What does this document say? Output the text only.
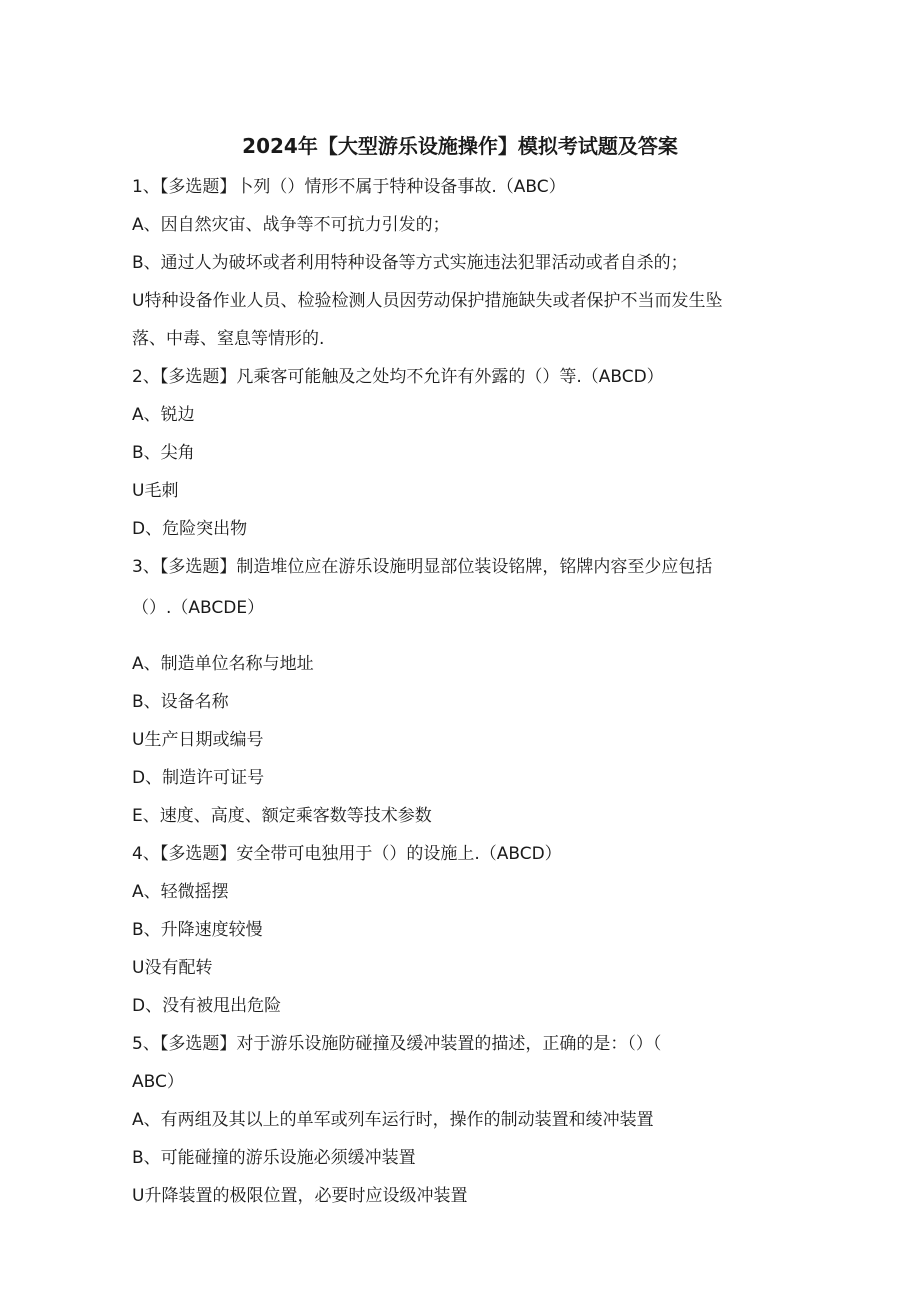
2024年【大型游乐设施操作】模拟考试题及答案
1、【多选题】卜列（）情形不属于特种设备事故.（ABC）
A、因自然灾宙、战争等不可抗力引发的；
B、通过人为破坏或者利用特种设备等方式实施违法犯罪活动或者自杀的；
U特种设备作业人员、检验检测人员因劳动保护措施缺失或者保护不当而发生坠
落、中毒、窒息等情形的.
2、【多选题】凡乘客可能触及之处均不允许有外露的（）等.（ABCD）
A、锐边
B、尖角
U毛刺
D、危险突出物
3、【多选题】制造堆位应在游乐设施明显部位装设铭牌，铭牌内容至少应包括
（）.（ABCDE）
A、制造单位名称与地址
B、设备名称
U生产日期或编号
D、制造许可证号
E、速度、高度、额定乘客数等技术参数
4、【多选题】安全带可电独用于（）的设施上.（ABCD）
A、轻微摇摆
B、升降速度较慢
U没有配转
D、没有被甩出危险
5、【多选题】对于游乐设施防碰撞及缓冲装置的描述，正确的是：（）（
ABC）
A、有两组及其以上的单军或列车运行时，操作的制动装置和绫冲装置
B、可能碰撞的游乐设施必须缓冲装置
U升降装置的极限位置，必要时应设级冲装置
